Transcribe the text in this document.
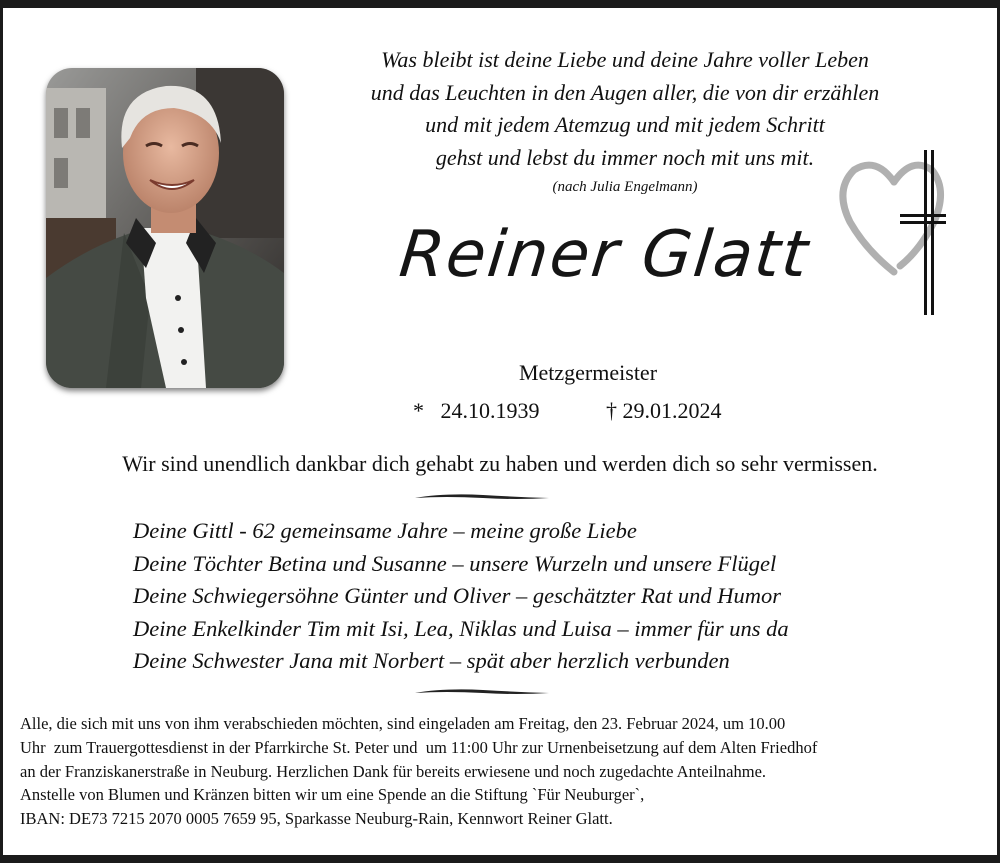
Was bleibt ist deine Liebe und deine Jahre voller Leben
und das Leuchten in den Augen aller, die von dir erzählen
und mit jedem Atemzug und mit jedem Schritt
gehst und lebst du immer noch mit uns mit.
(nach Julia Engelmann)
Reiner Glatt
Metzgermeister
* 24.10.1939	† 29.01.2024
Wir sind unendlich dankbar dich gehabt zu haben und werden dich so sehr vermissen.
Deine Gittl - 62 gemeinsame Jahre – meine große Liebe
Deine Töchter Betina und Susanne – unsere Wurzeln und unsere Flügel
Deine Schwiegersöhne Günter und Oliver – geschätzter Rat und Humor
Deine Enkelkinder Tim mit Isi, Lea, Niklas und Luisa – immer für uns da
Deine Schwester Jana mit Norbert – spät aber herzlich verbunden
Alle, die sich mit uns von ihm verabschieden möchten, sind eingeladen am Freitag, den 23. Februar 2024, um 10.00
Uhr  zum Trauergottesdienst in der Pfarrkirche St. Peter und  um 11:00 Uhr zur Urnenbeisetzung auf dem Alten Friedhof
an der Franziskanerstraße in Neuburg. Herzlichen Dank für bereits erwiesene und noch zugedachte Anteilnahme.
Anstelle von Blumen und Kränzen bitten wir um eine Spende an die Stiftung `Für Neuburger`,
IBAN: DE73 7215 2070 0005 7659 95, Sparkasse Neuburg-Rain, Kennwort Reiner Glatt.
